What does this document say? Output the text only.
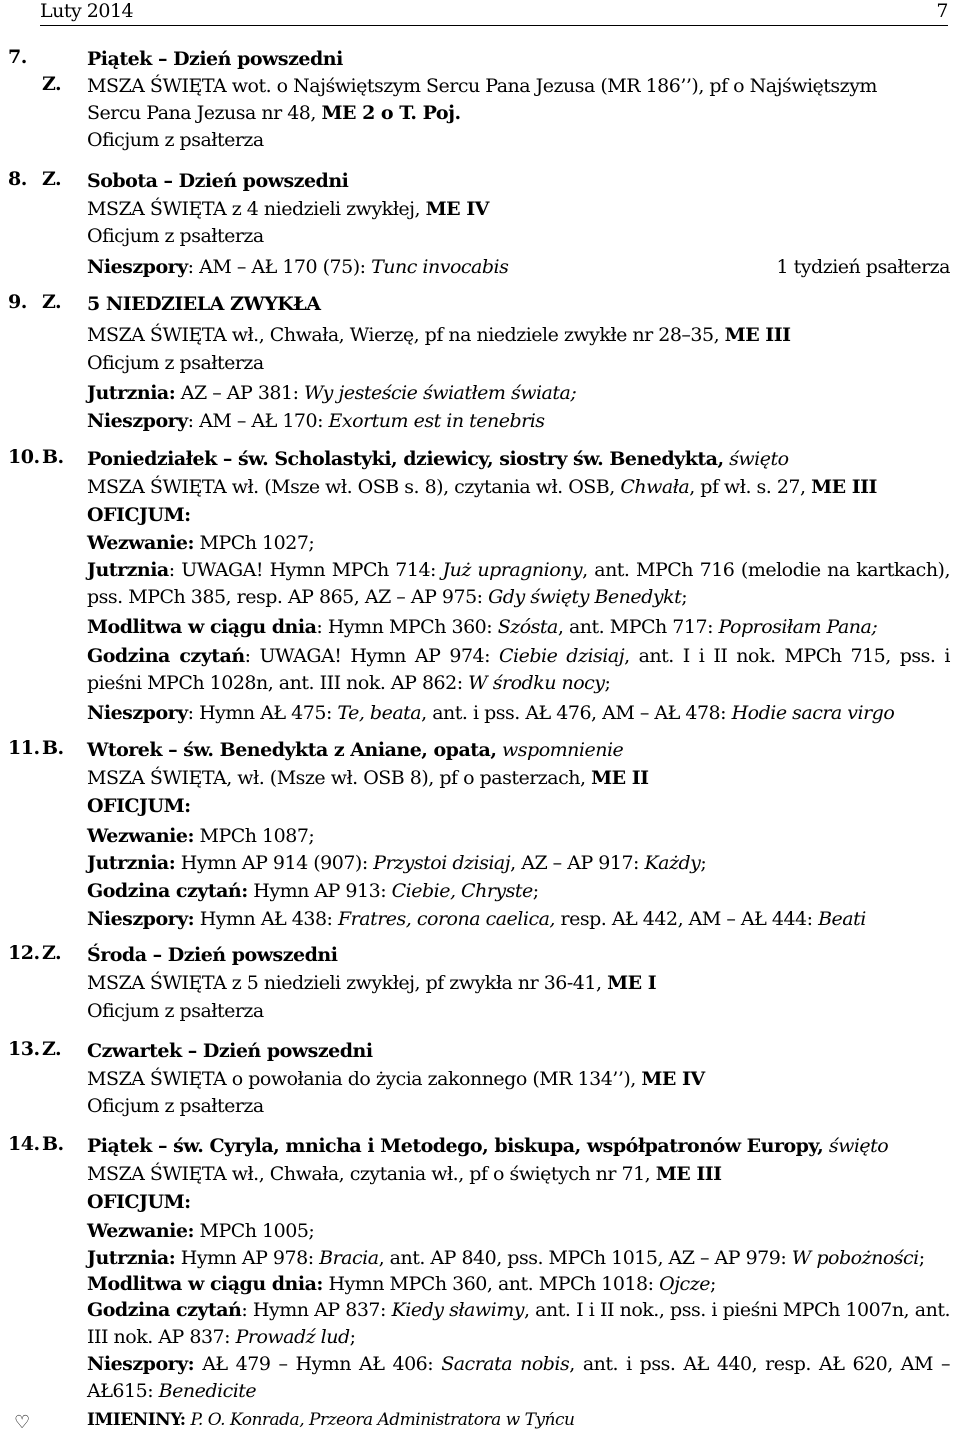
Luty 2014	7
7.	Piątek – Dzień powszedni
Z. MSZA ŚWIĘTA wot. o Najświętszym Sercu Pana Jezusa (MR 186’’), pf o Najświętszym
Sercu Pana Jezusa nr 48, ME 2 o T. Poj.
Oficjum z psałterza
8. Z. Sobota – Dzień powszedni
MSZA ŚWIĘTA z 4 niedzieli zwykłej, ME IV
Oficjum z psałterza
Nieszpory: AM – AŁ 170 (75): Tunc invocabis	1 tydzień psałterza
9. Z. 5 NIEDZIELA ZWYKŁA
MSZA ŚWIĘTA wł., Chwała, Wierzę, pf na niedziele zwykłe nr 28–35, ME III
Oficjum z psałterza
Jutrznia: AZ – AP 381: Wy jesteście światłem świata;
Nieszpory: AM – AŁ 170: Exortum est in tenebris
10. B. Poniedziałek – św. Scholastyki, dziewicy, siostry św. Benedykta, święto
MSZA ŚWIĘTA wł. (Msze wł. OSB s. 8), czytania wł. OSB, Chwała, pf wł. s. 27, ME III
OFICJUM:
Wezwanie: MPCh 1027;
Jutrznia: UWAGA! Hymn MPCh 714: Już upragniony, ant. MPCh 716 (melodie na kartkach), pss. MPCh 385, resp. AP 865, AZ – AP 975: Gdy święty Benedykt;
Modlitwa w ciągu dnia: Hymn MPCh 360: Szósta, ant. MPCh 717: Poprosiłam Pana;
Godzina czytań: UWAGA! Hymn AP 974: Ciebie dzisiaj, ant. I i II nok. MPCh 715, pss. i pieśni MPCh 1028n, ant. III nok. AP 862: W środku nocy;
Nieszpory: Hymn AŁ 475: Te, beata, ant. i pss. AŁ 476, AM – AŁ 478: Hodie sacra virgo
11. B. Wtorek – św. Benedykta z Aniane, opata, wspomnienie
MSZA ŚWIĘTA, wł. (Msze wł. OSB 8), pf o pasterzach, ME II
OFICJUM:
Wezwanie: MPCh 1087;
Jutrznia: Hymn AP 914 (907): Przystoi dzisiaj, AZ – AP 917: Każdy;
Godzina czytań: Hymn AP 913: Ciebie, Chryste;
Nieszpory: Hymn AŁ 438: Fratres, corona caelica, resp. AŁ 442, AM – AŁ 444: Beati
12. Z. Środa – Dzień powszedni
MSZA ŚWIĘTA z 5 niedzieli zwykłej, pf zwykła nr 36-41, ME I
Oficjum z psałterza
13. Z. Czwartek – Dzień powszedni
MSZA ŚWIĘTA o powołania do życia zakonnego (MR 134’’), ME IV
Oficjum z psałterza
14. B. Piątek – św. Cyryla, mnicha i Metodego, biskupa, współpatronów Europy, święto
MSZA ŚWIĘTA wł., Chwała, czytania wł., pf o świętych nr 71, ME III
OFICJUM:
Wezwanie: MPCh 1005;
Jutrznia: Hymn AP 978: Bracia, ant. AP 840, pss. MPCh 1015, AZ – AP 979: W pobożności;
Modlitwa w ciągu dnia: Hymn MPCh 360, ant. MPCh 1018: Ojcze;
Godzina czytań: Hymn AP 837: Kiedy sławimy, ant. I i II nok., pss. i pieśni MPCh 1007n, ant. III nok. AP 837: Prowadź lud;
Nieszpory: AŁ 479 – Hymn AŁ 406: Sacrata nobis, ant. i pss. AŁ 440, resp. AŁ 620, AM – AŁ615: Benedicite
♡	IMIENINY: P. O. Konrada, Przeora Administratora w Tyńcu
